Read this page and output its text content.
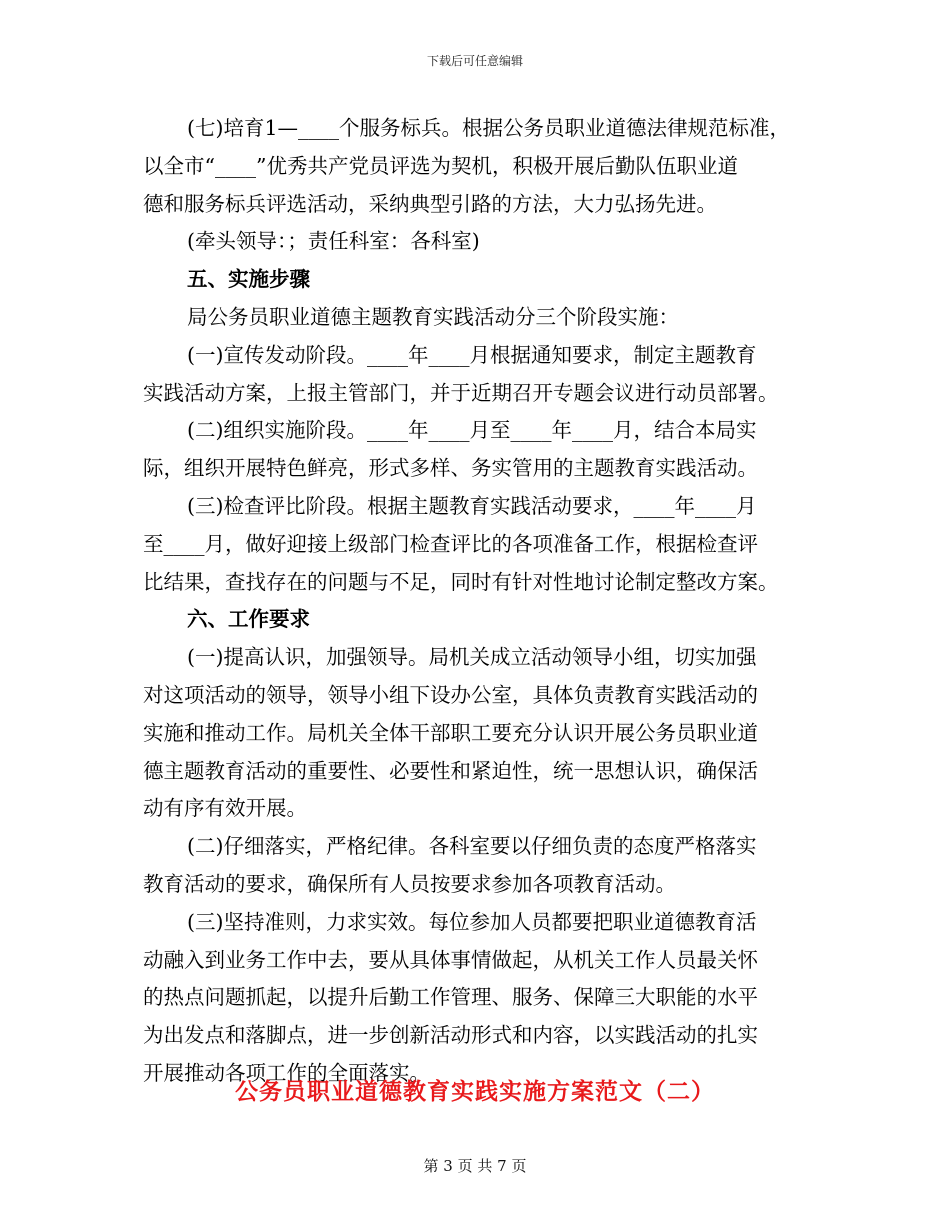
下载后可任意编辑
(七)培育1—____个服务标兵。根据公务员职业道德法律规范标准，
以全市“____”优秀共产党员评选为契机，积极开展后勤队伍职业道
德和服务标兵评选活动，采纳典型引路的方法，大力弘扬先进。
(牵头领导：；责任科室：各科室)
五、实施步骤
局公务员职业道德主题教育实践活动分三个阶段实施：
(一)宣传发动阶段。____年____月根据通知要求，制定主题教育
实践活动方案，上报主管部门，并于近期召开专题会议进行动员部署。
(二)组织实施阶段。____年____月至____年____月，结合本局实
际，组织开展特色鲜亮，形式多样、务实管用的主题教育实践活动。
(三)检查评比阶段。根据主题教育实践活动要求，____年____月
至____月，做好迎接上级部门检查评比的各项准备工作，根据检查评
比结果，查找存在的问题与不足，同时有针对性地讨论制定整改方案。
六、工作要求
(一)提高认识，加强领导。局机关成立活动领导小组，切实加强
对这项活动的领导，领导小组下设办公室，具体负责教育实践活动的
实施和推动工作。局机关全体干部职工要充分认识开展公务员职业道
德主题教育活动的重要性、必要性和紧迫性，统一思想认识，确保活
动有序有效开展。
(二)仔细落实，严格纪律。各科室要以仔细负责的态度严格落实
教育活动的要求，确保所有人员按要求参加各项教育活动。
(三)坚持准则，力求实效。每位参加人员都要把职业道德教育活
动融入到业务工作中去，要从具体事情做起，从机关工作人员最关怀
的热点问题抓起，以提升后勤工作管理、服务、保障三大职能的水平
为出发点和落脚点，进一步创新活动形式和内容，以实践活动的扎实
开展推动各项工作的全面落实。
公务员职业道德教育实践实施方案范文（二）
第 3 页 共 7 页
